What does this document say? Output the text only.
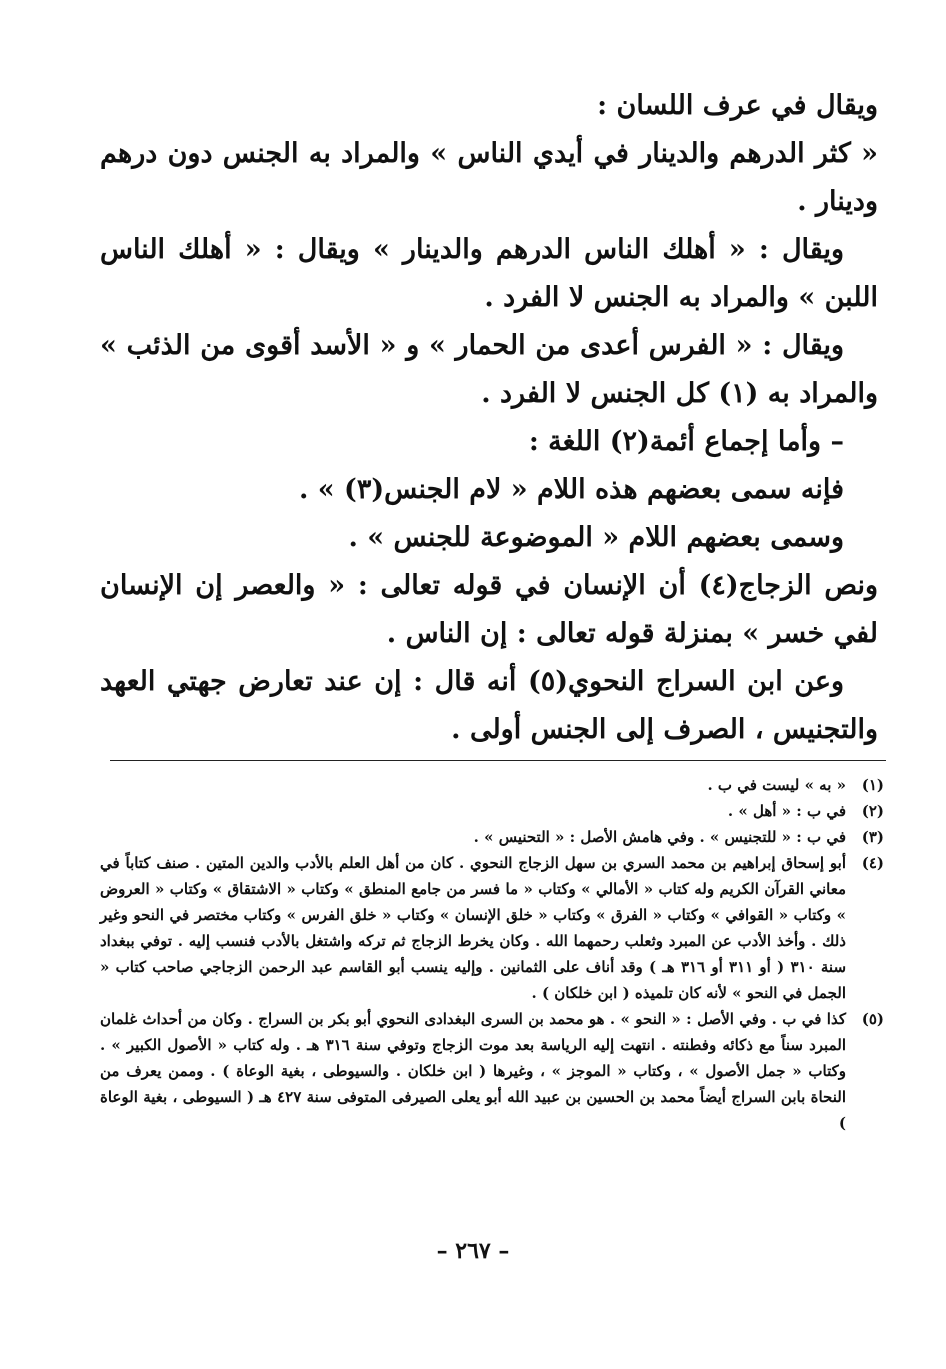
ويقال في عرف اللسان :

« كثر الدرهم والدينار في أيدي الناس » والمراد به الجنس دون درهم ودينار .

ويقال : « أهلك الناس الدرهم والدينار » ويقال : « أهلك الناس اللبن » والمراد به الجنس لا الفرد .

ويقال : « الفرس أعدى من الحمار » و « الأسد أقوى من الذئب » والمراد به (١) كل الجنس لا الفرد .

– وأما إجماع أئمة(٢) اللغة :

فإنه سمى بعضهم هذه اللام « لام الجنس(٣) » .

وسمى بعضهم اللام « الموضوعة للجنس » .

ونص الزجاج(٤) أن الإنسان في قوله تعالى : « والعصر إن الإنسان لفي خسر » بمنزلة قوله تعالى : إن الناس .

وعن ابن السراج النحوي(٥) أنه قال : إن عند تعارض جهتي العهد والتجنيس ، الصرف إلى الجنس أولى .

(١)
« به » ليست في ب .
(٢)
في ب : « أهل » .
(٣)
في ب : « للتجنيس » . وفي هامش الأصل : « التحنيس » .
(٤)
أبو إسحاق إبراهيم بن محمد السري بن سهل الزجاج النحوي . كان من أهل العلم بالأدب والدين المتين . صنف كتاباً في معاني القرآن الكريم وله كتاب « الأمالي » وكتاب « ما فسر من جامع المنطق » وكتاب « الاشتقاق » وكتاب « العروض » وكتاب « القوافي » وكتاب « الفرق » وكتاب « خلق الإنسان » وكتاب « خلق الفرس » وكتاب مختصر في النحو وغير ذلك . وأخذ الأدب عن المبرد وثعلب رحمهما الله . وكان يخرط الزجاج ثم تركه واشتغل بالأدب فنسب إليه . توفي ببغداد سنة ٣١٠ ( أو ٣١١ أو ٣١٦ هـ ) وقد أناف على الثمانين . وإليه ينسب أبو القاسم عبد الرحمن الزجاجي صاحب كتاب « الجمل في النحو » لأنه كان تلميذه ( ابن خلكان ) .
(٥)
كذا في ب . وفي الأصل : « النحو » . هو محمد بن السرى البغدادى النحوي أبو بكر بن السراج . وكان من أحداث غلمان المبرد سناً مع ذكائه وفطنته . انتهت إليه الرياسة بعد موت الزجاج وتوفي سنة ٣١٦ هـ . وله كتاب « الأصول الكبير » . وكتاب « جمل الأصول » ، وكتاب « الموجز » ، وغيرها ( ابن خلكان . والسيوطى ، بغية الوعاة ) . وممن يعرف من النحاة بابن السراج أيضاً محمد بن الحسين بن عبيد الله أبو يعلى الصيرفى المتوفى سنة ٤٢٧ هـ ( السيوطى ، بغية الوعاة )
– ٢٦٧ –
